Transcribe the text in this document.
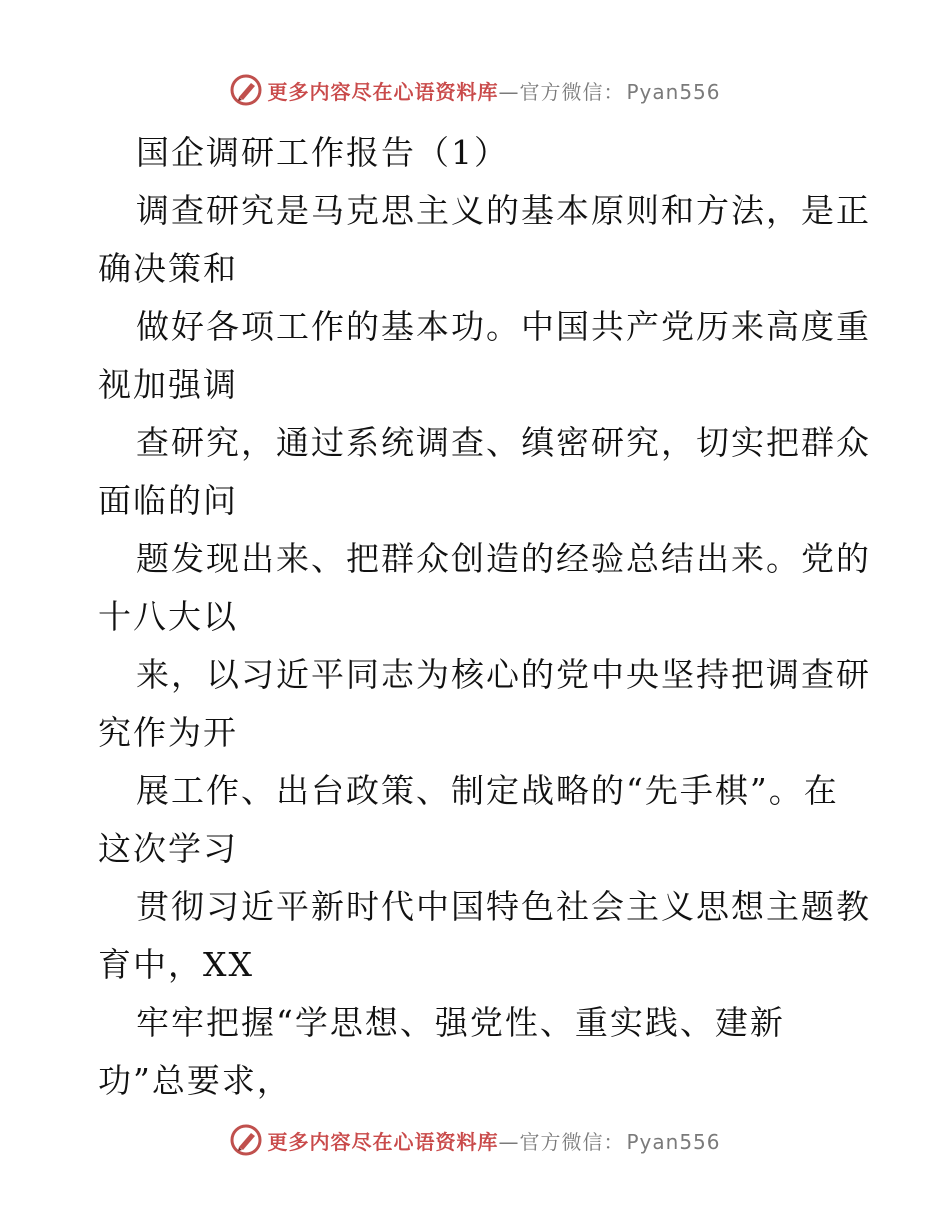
更多内容尽在心语资料库—官方微信： Pyan556
国企调研工作报告（1）
调查研究是马克思主义的基本原则和方法，是正
确决策和
做好各项工作的基本功。中国共产党历来高度重
视加强调
查研究，通过系统调查、缜密研究，切实把群众
面临的问
题发现出来、把群众创造的经验总结出来。党的
十八大以
来，以习近平同志为核心的党中央坚持把调查研
究作为开
展工作、出台政策、制定战略的“先手棋”。在
这次学习
贯彻习近平新时代中国特色社会主义思想主题教
育中，XX
牢牢把握“学思想、强党性、重实践、建新
功”总要求，
更多内容尽在心语资料库—官方微信： Pyan556
